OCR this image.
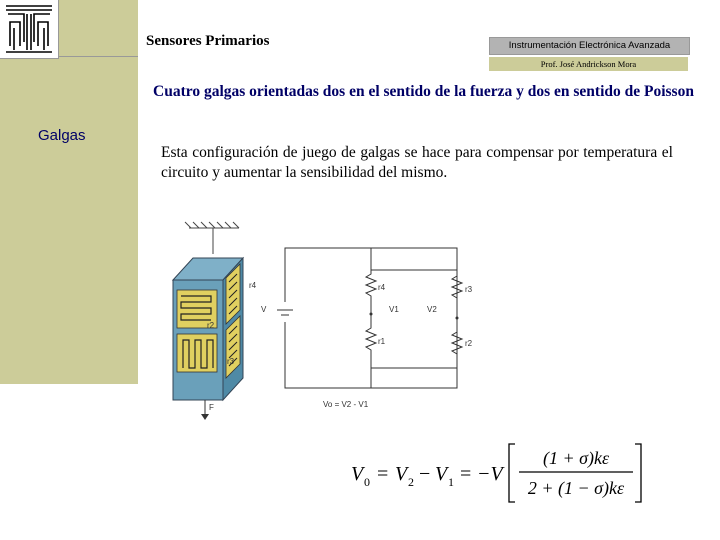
Sensores Primarios	Instrumentación Electrónica Avanzada
Prof. José Andrickson Mora
Galgas
Cuatro galgas orientadas dos en el sentido de la fuerza y dos en sentido de Poisson
Esta configuración de juego de galgas se hace para compensar por temperatura el circuito y aumentar la sensibilidad del mismo.
r4
r2
r3
F
V
r4	r3
r1	r2
V1	V2
Vo = V2 - V1
V 0 = V 2 − V 1 = −V
(1 + σ)kε
2 + (1 − σ)kε
